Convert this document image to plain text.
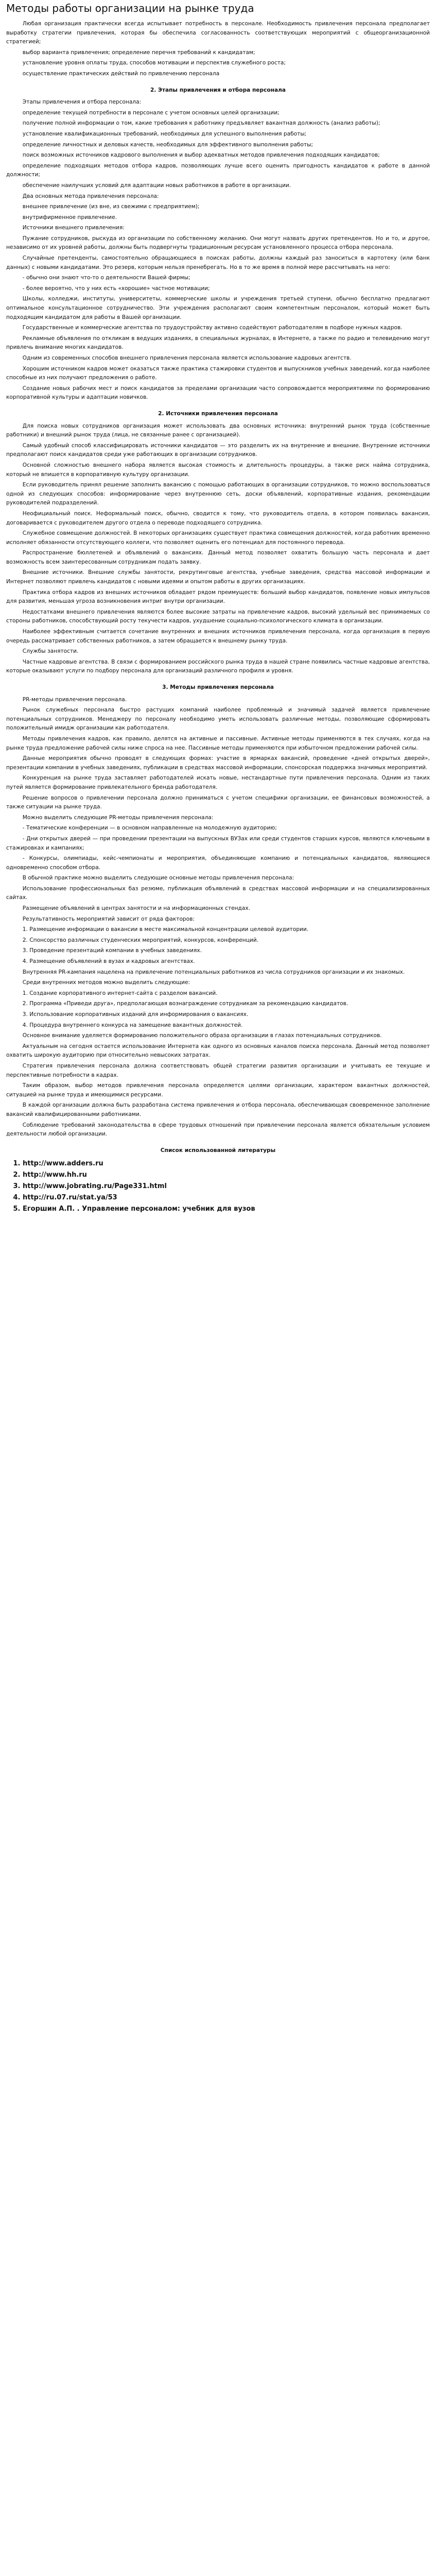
Методы работы организации на рынке труда

Любая организация практически всегда испытывает потребность в персонале. Необходимость привлечения персонала предполагает выработку стратегии привлечения, которая бы обеспечила согласованность соответствующих мероприятий с общеорганизационной стратегией;

выбор варианта привлечения; определение перечня требований к кандидатам;

установление уровня оплаты труда, способов мотивации и перспектив служебного роста;

осуществление практических действий по привлечению персонала

2. Этапы привлечения и отбора персонала

Этапы привлечения и отбора персонала:

определение текущей потребности в персонале с учетом основных целей организации;

получение полной информации о том, какие требования к работнику предъявляет вакантная должность (анализ работы);

установление квалификационных требований, необходимых для успешного выполнения работы;

определение личностных и деловых качеств, необходимых для эффективного выполнения работы;

поиск возможных источников кадрового выполнения и выбор адекватных методов привлечения подходящих кандидатов;

определение подходящих методов отбора кадров, позволяющих лучше всего оценить пригодность кандидатов к работе в данной должности;

обеспечение наилучших условий для адаптации новых работников в работе в организации.

Два основных метода привлечения персонала:

внешнее привлечение (из вне, из свежими с предприятием);

внутрифирменное привлечение.

Источники внешнего привлечения:

Пужание сотрудников, рыскуда из организации по собственному желанию. Они могут назвать других претендентов. Но и то, и другое, независимо от их уровней работы, должны быть подвергнуты традиционным ресурсам установленного процесса отбора персонала.

Случайные претенденты, самостоятельно обращающиеся в поисках работы, должны каждый раз заноситься в картотеку (или банк данных) с новыми кандидатами. Это резерв, которым нельзя пренебрегать. Но в то же время в полной мере рассчитывать на него:

- обычно они знают что-то о деятельности Вашей фирмы;

- более вероятно, что у них есть «хорошие» частное мотивации;

Школы, колледжи, институты, университеты, коммерческие школы и учреждения третьей ступени, обычно бесплатно предлагают оптимальное консультационное сотрудничество. Эти учреждения располагают своим компетентным персоналом, который может быть подходящим кандидатом для работы в Вашей организации.

Государственные и коммерческие агентства по трудоустройству активно содействуют работодателям в подборе нужных кадров.

Рекламные объявления по откликам в ведущих изданиях, в специальных журналах, в Интернете, а также по радио и телевидению могут привлечь внимание многих кандидатов.

Одним из современных способов внешнего привлечения персонала является использование кадровых агентств.

Хорошим источником кадров может оказаться также практика стажировки студентов и выпускников учебных заведений, когда наиболее способные из них получают предложения о работе.

Создание новых рабочих мест и поиск кандидатов за пределами организации часто сопровождается мероприятиями по формированию корпоративной культуры и адаптации новичков.

2. Источники привлечения персонала

Для поиска новых сотрудников организация может использовать два основных источника: внутренний рынок труда (собственные работники) и внешний рынок труда (лица, не связанные ранее с организацией).

Самый удобный способ классифицировать источники кандидатов — это разделить их на внутренние и внешние. Внутренние источники предполагают поиск кандидатов среди уже работающих в организации сотрудников.

Основной сложностью внешнего набора является высокая стоимость и длительность процедуры, а также риск найма сотрудника, который не впишется в корпоративную культуру организации.

Если руководитель принял решение заполнить вакансию с помощью работающих в организации сотрудников, то можно воспользоваться одной из следующих способов: информирование через внутреннюю сеть, доски объявлений, корпоративные издания, рекомендации руководителей подразделений.

Неофициальный поиск. Неформальный поиск, обычно, сводится к тому, что руководитель отдела, в котором появилась вакансия, договаривается с руководителем другого отдела о переводе подходящего сотрудника.

Служебное совмещение должностей. В некоторых организациях существует практика совмещения должностей, когда работник временно исполняет обязанности отсутствующего коллеги, что позволяет оценить его потенциал для постоянного перевода.

Распространение бюллетеней и объявлений о вакансиях. Данный метод позволяет охватить большую часть персонала и дает возможность всем заинтересованным сотрудникам подать заявку.

Внешние источники. Внешние службы занятости, рекрутинговые агентства, учебные заведения, средства массовой информации и Интернет позволяют привлечь кандидатов с новыми идеями и опытом работы в других организациях.

Практика отбора кадров из внешних источников обладает рядом преимуществ: больший выбор кандидатов, появление новых импульсов для развития, меньшая угроза возникновения интриг внутри организации.

Недостатками внешнего привлечения являются более высокие затраты на привлечение кадров, высокий удельный вес принимаемых со стороны работников, способствующий росту текучести кадров, ухудшение социально-психологического климата в организации.

Наиболее эффективным считается сочетание внутренних и внешних источников привлечения персонала, когда организация в первую очередь рассматривает собственных работников, а затем обращается к внешнему рынку труда.

Службы занятости.

Частные кадровые агентства. В связи с формированием российского рынка труда в нашей стране появились частные кадровые агентства, которые оказывают услуги по подбору персонала для организаций различного профиля и уровня.

3. Методы привлечения персонала

PR-методы привлечения персонала.

Рынок служебных персонала быстро растущих компаний наиболее проблемный и значимый задачей является привлечение потенциальных сотрудников. Менеджеру по персоналу необходимо уметь использовать различные методы, позволяющие сформировать положительный имидж организации как работодателя.

Методы привлечения кадров, как правило, делятся на активные и пассивные. Активные методы применяются в тех случаях, когда на рынке труда предложение рабочей силы ниже спроса на нее. Пассивные методы применяются при избыточном предложении рабочей силы.

Данные мероприятия обычно проводят в следующих формах: участие в ярмарках вакансий, проведение «дней открытых дверей», презентации компании в учебных заведениях, публикации в средствах массовой информации, спонсорская поддержка значимых мероприятий.

Конкуренция на рынке труда заставляет работодателей искать новые, нестандартные пути привлечения персонала. Одним из таких путей является формирование привлекательного бренда работодателя.

Решение вопросов о привлечении персонала должно приниматься с учетом специфики организации, ее финансовых возможностей, а также ситуации на рынке труда.

Можно выделить следующие PR-методы привлечения персонала:

- Тематические конференции — в основном направленные на молодежную аудиторию;

- Дни открытых дверей — при проведении презентации на выпускных ВУЗах или среди студентов старших курсов, являются ключевыми в стажировках и кампаниях;

- Конкурсы, олимпиады, кейс-чемпионаты и мероприятия, объединяющие компанию и потенциальных кандидатов, являющиеся одновременно способом отбора.

В обычной практике можно выделить следующие основные методы привлечения персонала:

Использование профессиональных баз резюме, публикация объявлений в средствах массовой информации и на специализированных сайтах.

Размещение объявлений в центрах занятости и на информационных стендах.

Результативность мероприятий зависит от ряда факторов:

1. Размещение информации о вакансии в месте максимальной концентрации целевой аудитории.

2. Спонсорство различных студенческих мероприятий, конкурсов, конференций.

3. Проведение презентаций компании в учебных заведениях.

4. Размещение объявлений в вузах и кадровых агентствах.

Внутренняя PR-кампания нацелена на привлечение потенциальных работников из числа сотрудников организации и их знакомых.

Среди внутренних методов можно выделить следующие:

1. Создание корпоративного интернет-сайта с разделом вакансий.

2. Программа «Приведи друга», предполагающая вознаграждение сотрудникам за рекомендацию кандидатов.

3. Использование корпоративных изданий для информирования о вакансиях.

4. Процедура внутреннего конкурса на замещение вакантных должностей.

Основное внимание уделяется формированию положительного образа организации в глазах потенциальных сотрудников.

Актуальным на сегодня остается использование Интернета как одного из основных каналов поиска персонала. Данный метод позволяет охватить широкую аудиторию при относительно невысоких затратах.

Стратегия привлечения персонала должна соответствовать общей стратегии развития организации и учитывать ее текущие и перспективные потребности в кадрах.

Таким образом, выбор методов привлечения персонала определяется целями организации, характером вакантных должностей, ситуацией на рынке труда и имеющимися ресурсами.

В каждой организации должна быть разработана система привлечения и отбора персонала, обеспечивающая своевременное заполнение вакансий квалифицированными работниками.

Соблюдение требований законодательства в сфере трудовых отношений при привлечении персонала является обязательным условием деятельности любой организации.

Список использованной литературы
1. http://www.adders.ru
2. http://www.hh.ru
3. http://www.jobrating.ru/Page331.html
4. http://ru.07.ru/stat.ya/53
5. Егоршин А.П. . Управление персоналом: учебник для вузов
